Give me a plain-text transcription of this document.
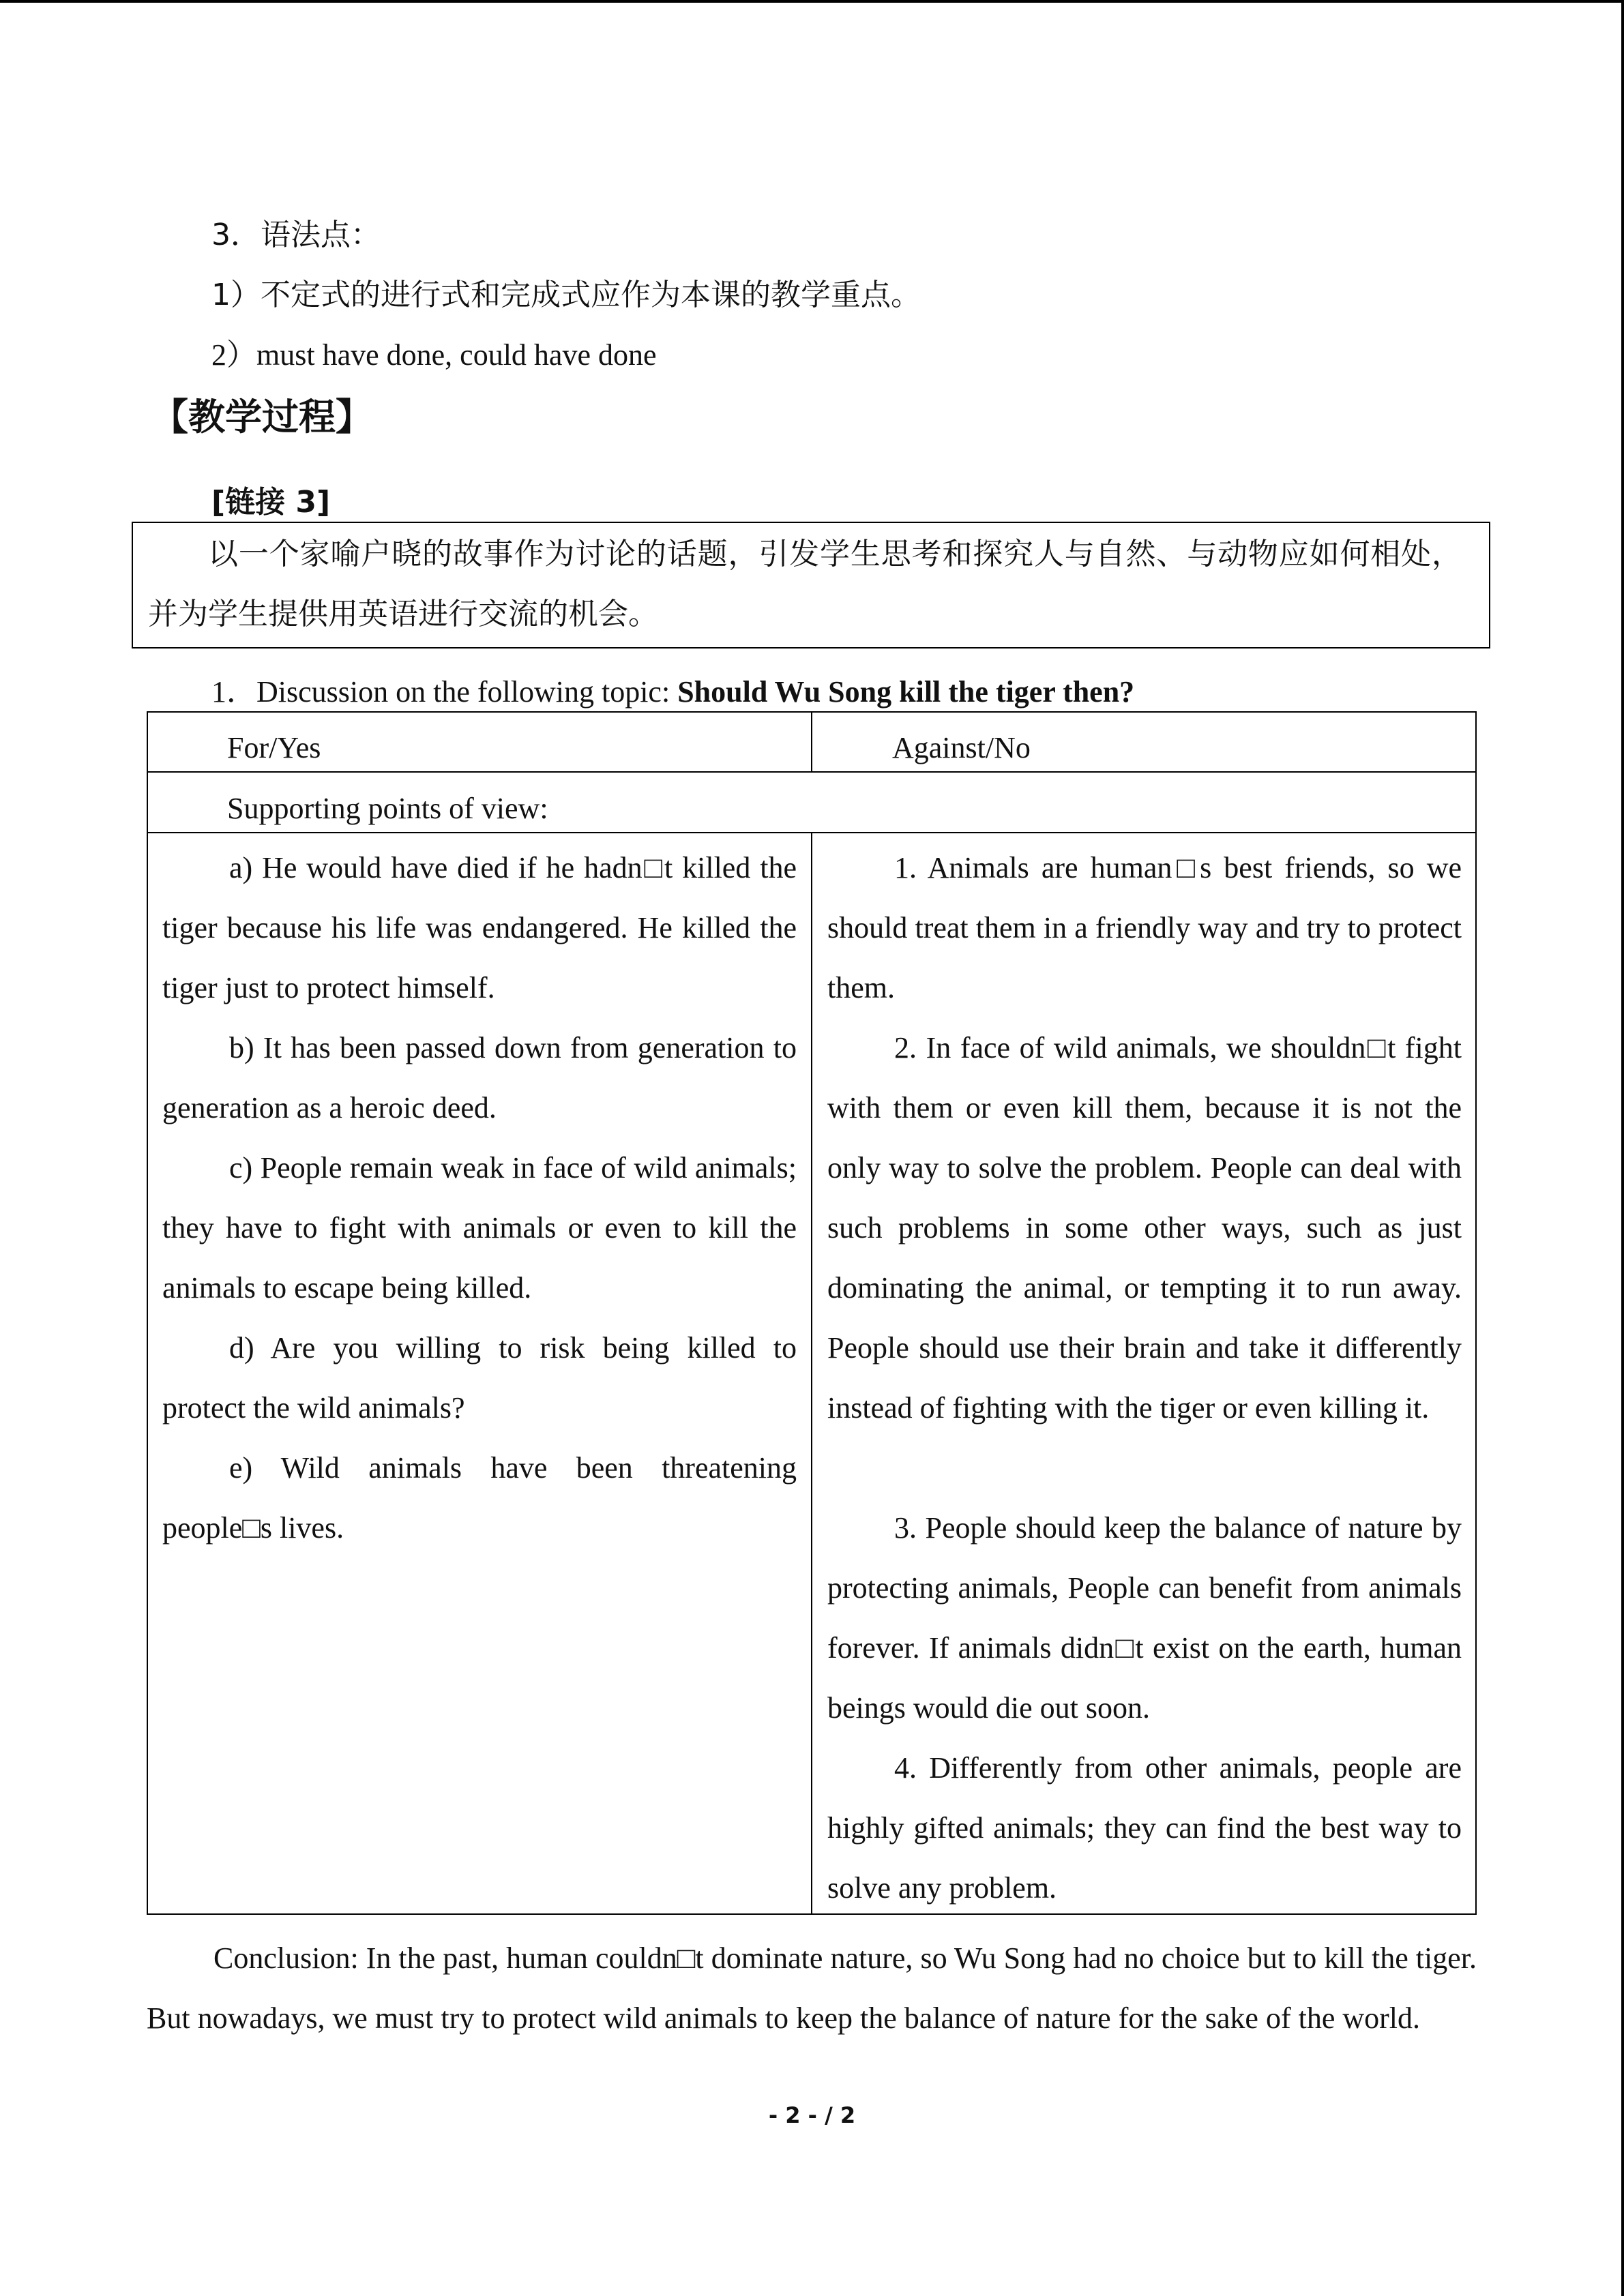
3．语法点：
1）不定式的进行式和完成式应作为本课的教学重点。
2）must have done, could have done
【教学过程】
[链接 3]

以一个家喻户晓的故事作为讨论的话题，引发学生思考和探究人与自然、与动物应如何相处，并为学生提供用英语进行交流的机会。

1．Discussion on the following topic: Should Wu Song kill the tiger then?
For/Yes	Against/No
Supporting points of view:

a) He would have died if he hadn□t killed the tiger because his life was endangered. He killed the tiger just to protect himself.

b) It has been passed down from generation to generation as a heroic deed.

c) People remain weak in face of wild animals; they have to fight with animals or even to kill the animals to escape being killed.

d) Are you willing to risk being killed to protect the wild animals?

e) Wild animals have been threatening people□s lives.

1. Animals are human□s best friends, so we should treat them in a friendly way and try to protect them.

2. In face of wild animals, we shouldn□t fight with them or even kill them, because it is not the only way to solve the problem. People can deal with such problems in some other ways, such as just dominating the animal, or tempting it to run away. People should use their brain and take it differently instead of fighting with the tiger or even killing it.

3. People should keep the balance of nature by protecting animals, People can benefit from animals forever. If animals didn□t exist on the earth, human beings would die out soon.

4. Differently from other animals, people are highly gifted animals; they can find the best way to solve any problem.

Conclusion: In the past, human couldn□t dominate nature, so Wu Song had no choice but to kill the tiger. But nowadays, we must try to protect wild animals to keep the balance of nature for the sake of the world.

- 2 - / 2
